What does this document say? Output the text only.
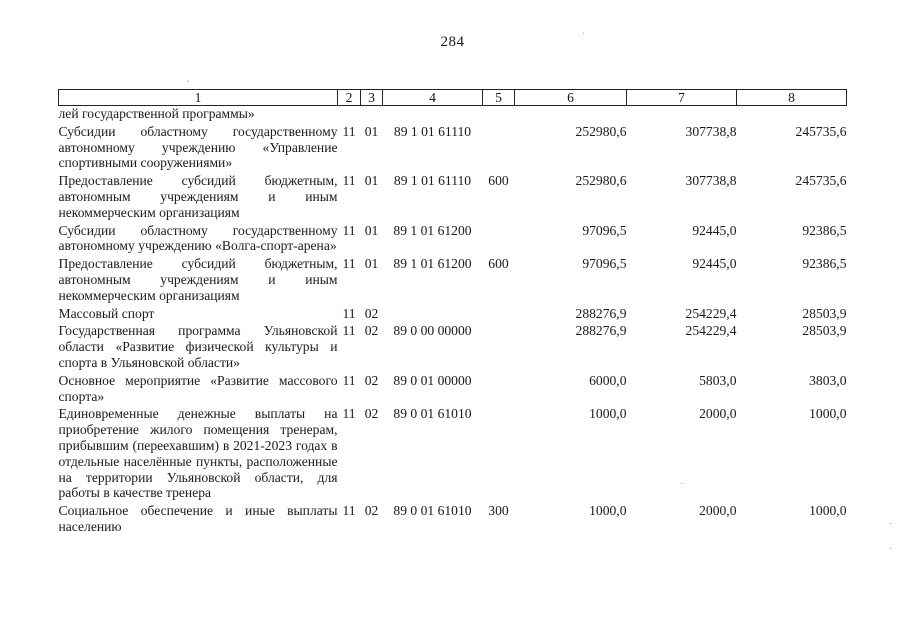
284
1	2	3	4	5	6	7	8
лей государственной программы»							
Субсидии областному государственному автономному учреждению «Управление спортивными сооружениями»	11	01	89 1 01 61110		252980,6	307738,8	245735,6
Предоставление субсидий бюджетным, автономным учреждениям и иным некоммерческим организациям	11	01	89 1 01 61110	600	252980,6	307738,8	245735,6
Субсидии областному государственному автономному учреждению «Волга-спорт-арена»	11	01	89 1 01 61200		97096,5	92445,0	92386,5
Предоставление субсидий бюджетным, автономным учреждениям и иным некоммерческим организациям	11	01	89 1 01 61200	600	97096,5	92445,0	92386,5
Массовый спорт	11	02			288276,9	254229,4	28503,9
Государственная программа Ульяновской области «Развитие физической культуры и спорта в Ульяновской области»	11	02	89 0 00 00000		288276,9	254229,4	28503,9
Основное мероприятие «Развитие массового спорта»	11	02	89 0 01 00000		6000,0	5803,0	3803,0
Единовременные денежные выплаты на приобретение жилого помещения тренерам, прибывшим (переехавшим) в 2021-2023 годах в отдельные населённые пункты, расположенные на территории Ульяновской области, для работы в качестве тренера	11	02	89 0 01 61010		1000,0	2000,0	1000,0
Социальное обеспечение и иные выплаты населению	11	02	89 0 01 61010	300	1000,0	2000,0	1000,0
·
·
·
·
·
